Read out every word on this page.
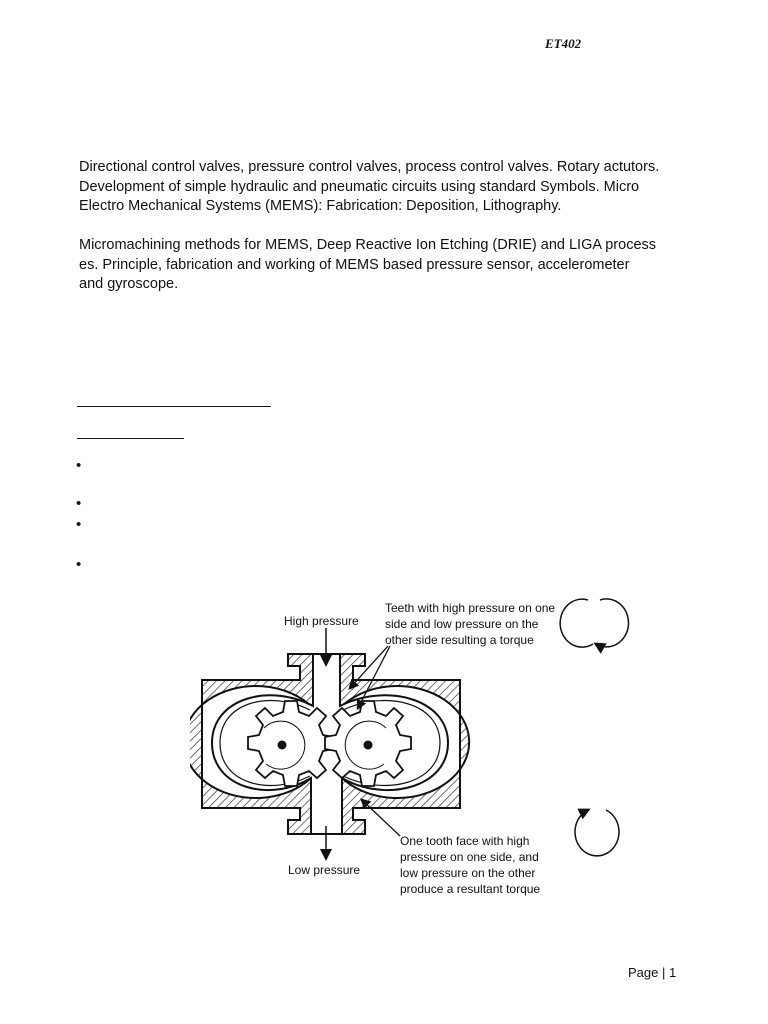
ET402
Directional control valves, pressure control valves, process control valves. Rotary actutors.
Development of simple hydraulic and pneumatic circuits using standard Symbols. Micro
Electro Mechanical Systems (MEMS): Fabrication: Deposition, Lithography.
Micromachining methods for MEMS, Deep Reactive Ion Etching (DRIE) and LIGA process
es. Principle, fabrication and working of MEMS based pressure sensor, accelerometer
and gyroscope.
•
•
•
•
High pressure
Low pressure
Teeth with high pressure on one
side and low pressure on the
other side resulting a torque
One tooth face with high
pressure on one side, and
low pressure on the other
produce a resultant torque
Page | 1
